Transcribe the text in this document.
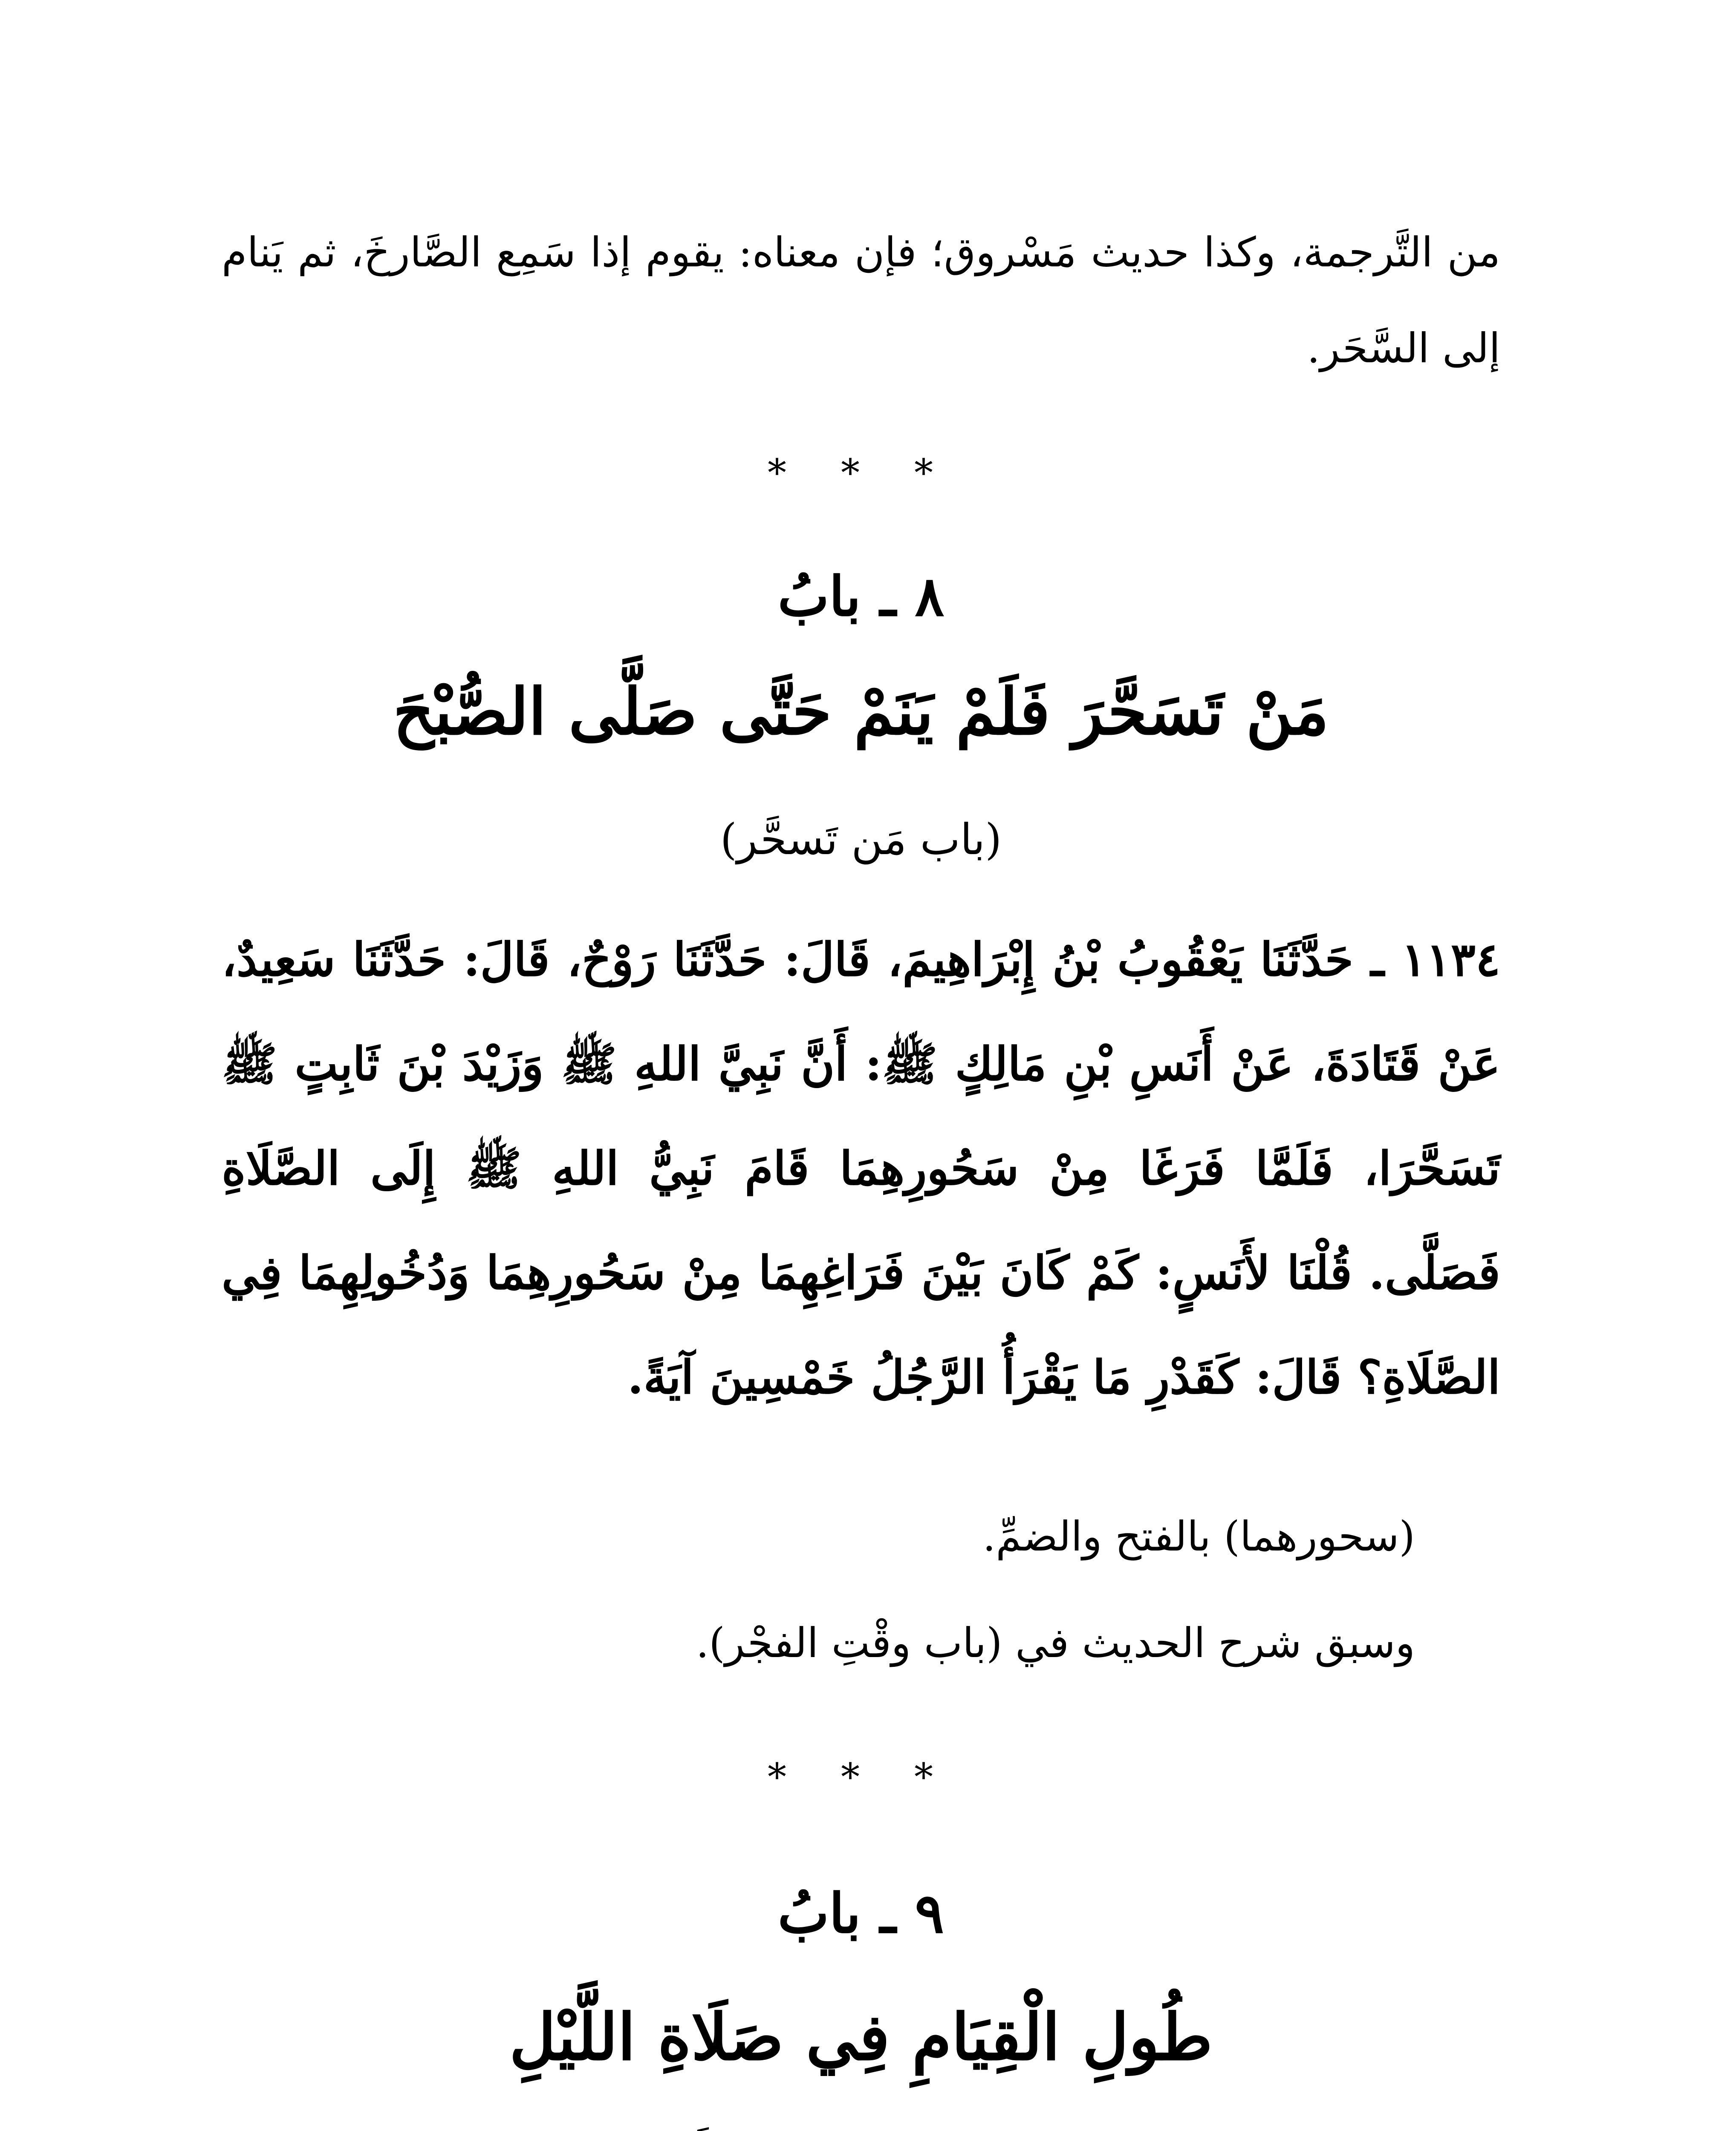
من التَّرجمة، وكذا حديث مَسْروق؛ فإن معناه: يقوم إذا سَمِع الصَّارخَ، ثم يَنام إلى السَّحَر.

* * *
٨ ـ بابُ
مَنْ تَسَحَّرَ فَلَمْ يَنَمْ حَتَّى صَلَّى الصُّبْحَ
(باب مَن تَسحَّر)

١١٣٤ ـ حَدَّثَنَا يَعْقُوبُ بْنُ إِبْرَاهِيمَ، قَالَ: حَدَّثَنَا رَوْحٌ، قَالَ: حَدَّثَنَا سَعِيدٌ، عَنْ قَتَادَةَ، عَنْ أَنَسِ بْنِ مَالِكٍ ﷺ: أَنَّ نَبِيَّ اللهِ ﷺ وَزَيْدَ بْنَ ثَابِتٍ ﷺ تَسَحَّرَا، فَلَمَّا فَرَغَا مِنْ سَحُورِهِمَا قَامَ نَبِيُّ اللهِ ﷺ إِلَى الصَّلَاةِ فَصَلَّى. قُلْنَا لأَنَسٍ: كَمْ كَانَ بَيْنَ فَرَاغِهِمَا مِنْ سَحُورِهِمَا وَدُخُولِهِمَا فِي الصَّلَاةِ؟ قَالَ: كَقَدْرِ مَا يَقْرَأُ الرَّجُلُ خَمْسِينَ آيَةً.

(سحورهما) بالفتح والضمِّ.
وسبق شرح الحديث في (باب وقْتِ الفجْر).
* * *
٩ ـ بابُ
طُولِ الْقِيَامِ فِي صَلَاةِ اللَّيْلِ
